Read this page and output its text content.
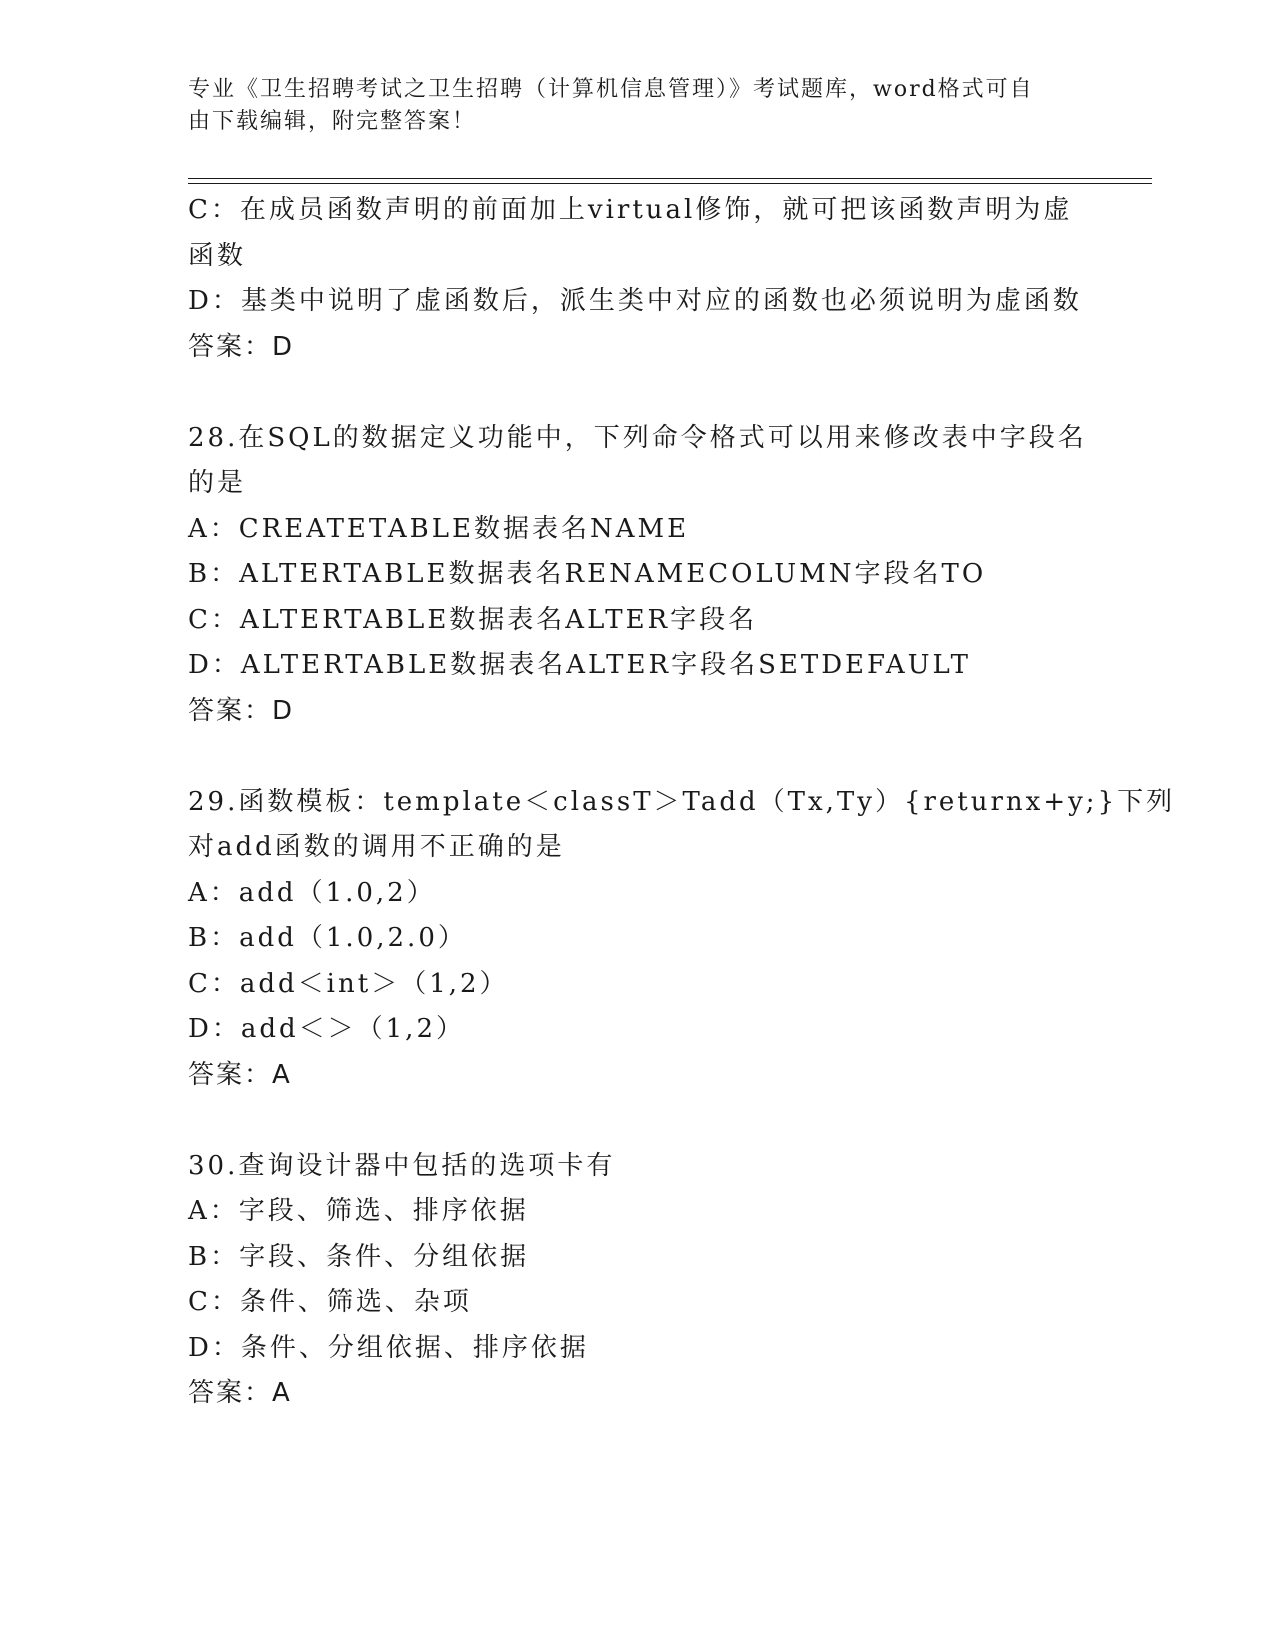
专业《卫生招聘考试之卫生招聘（计算机信息管理）》考试题库，word格式可自
由下载编辑，附完整答案！
C：在成员函数声明的前面加上virtual修饰，就可把该函数声明为虚
函数
D：基类中说明了虚函数后，派生类中对应的函数也必须说明为虚函数
答案：D
28.在SQL的数据定义功能中，下列命令格式可以用来修改表中字段名
的是
A：CREATETABLE数据表名NAME
B：ALTERTABLE数据表名RENAMECOLUMN字段名TO
C：ALTERTABLE数据表名ALTER字段名
D：ALTERTABLE数据表名ALTER字段名SETDEFAULT
答案：D
29.函数模板：template＜classT＞Tadd（Tx,Ty）{returnx+y;}下列
对add函数的调用不正确的是
A：add（1.0,2）
B：add（1.0,2.0）
C：add＜int＞（1,2）
D：add＜＞（1,2）
答案：A
30.查询设计器中包括的选项卡有
A：字段、筛选、排序依据
B：字段、条件、分组依据
C：条件、筛选、杂项
D：条件、分组依据、排序依据
答案：A
